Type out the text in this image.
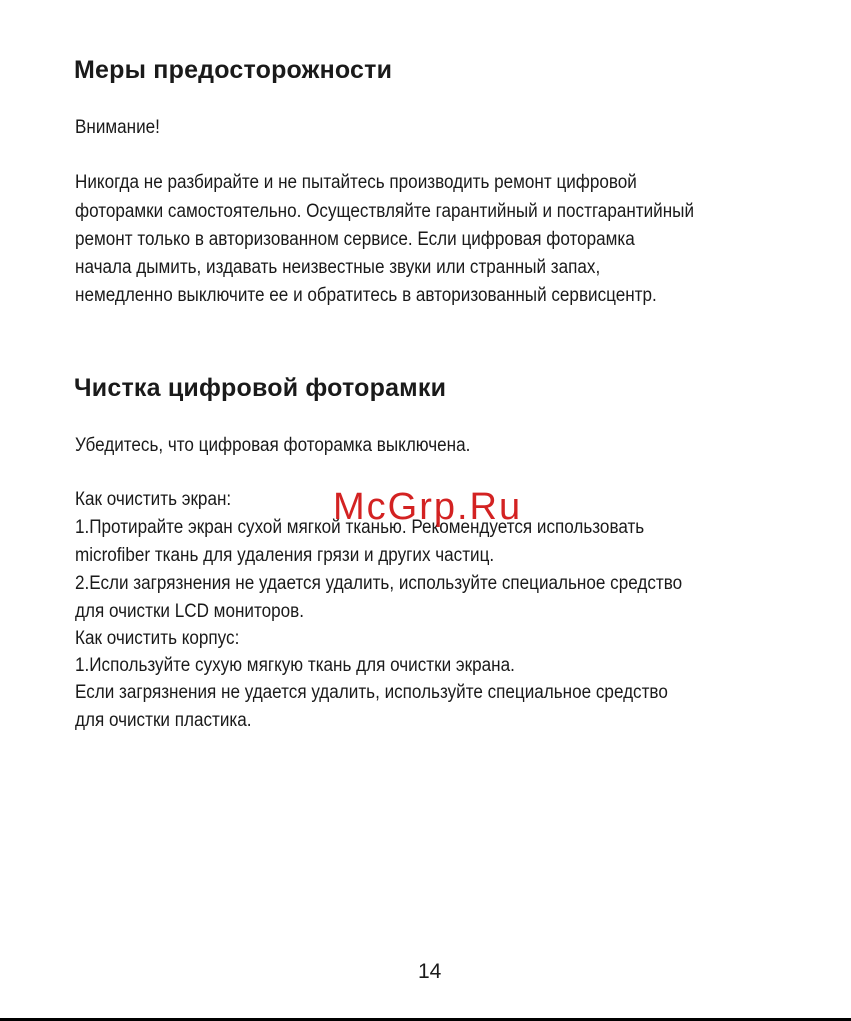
Меры предосторожности

Внимание!

Никогда не разбирайте и не пытайтесь производить ремонт цифровой

фоторамки самостоятельно. Осуществляйте гарантийный и постгарантийный

ремонт только в авторизованном сервисе. Если цифровая фоторамка

начала дымить, издавать неизвестные звуки или странный запах,

немедленно выключите ее и обратитесь в авторизованный сервисцентр.

Чистка цифровой фоторамки

Убедитесь, что цифровая фоторамка выключена.

Как очистить экран:

1.Протирайте экран сухой мягкой тканью. Рекомендуется использовать

microfiber ткань для удаления грязи и других частиц.

2.Если загрязнения не удается удалить, используйте специальное средство

для очистки LCD мониторов.

Как очистить корпус:

1.Используйте сухую мягкую ткань для очистки экрана.

Если загрязнения не удается удалить, используйте специальное средство

для очистки пластика.

McGrp.Ru
14
